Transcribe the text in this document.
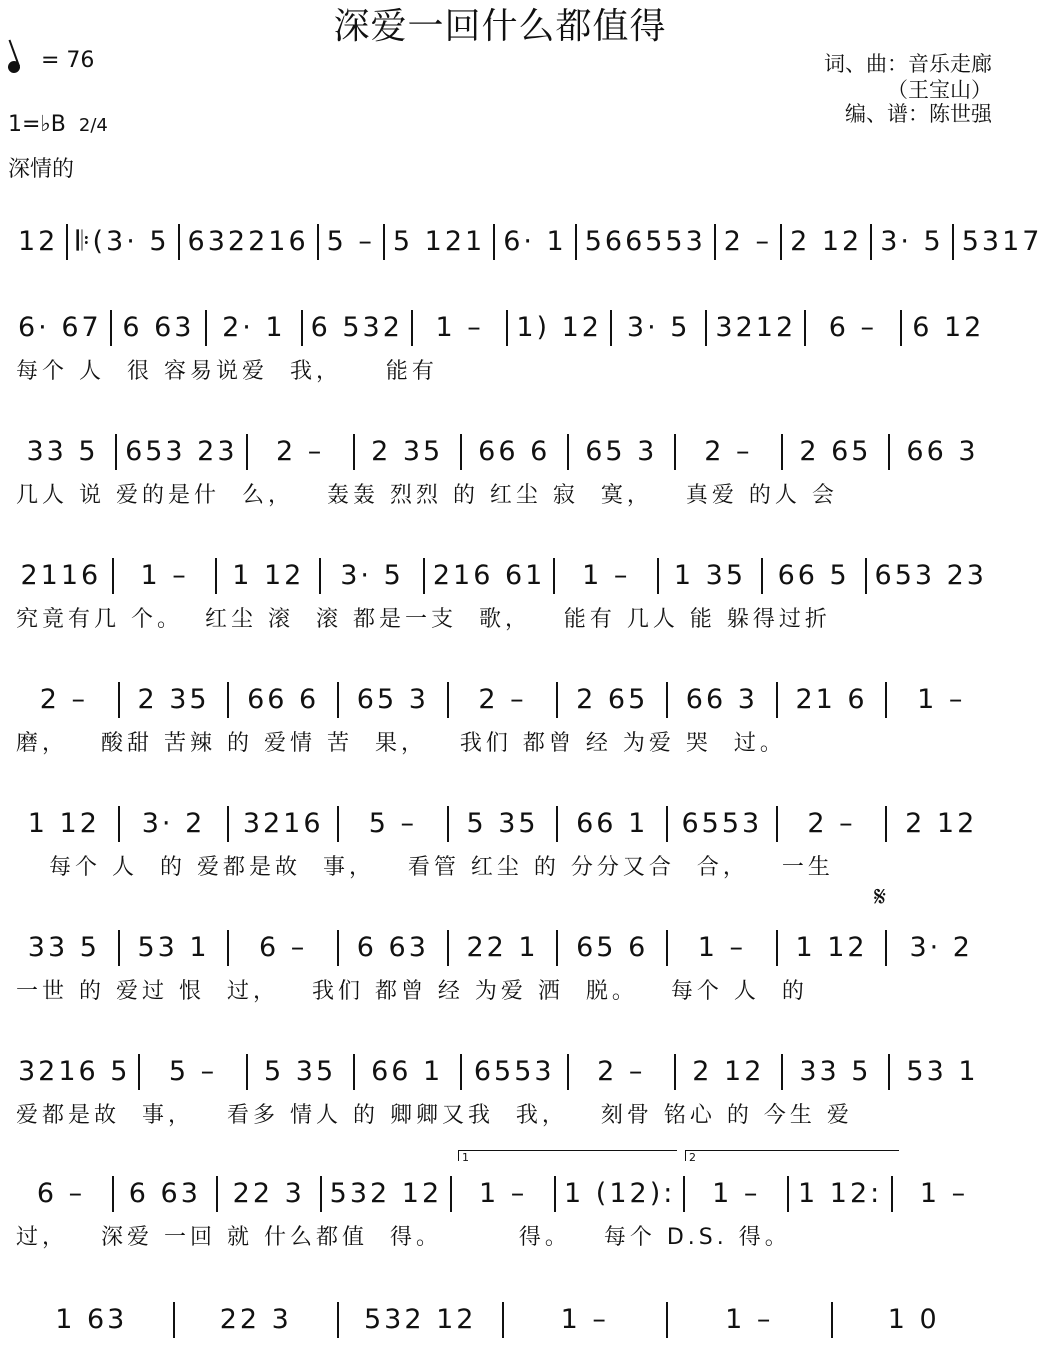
深爱一回什么都值得
= 76
1=♭B 2/4
深情的
词、曲：音乐走廊
（王宝山）
编、谱：陈世强
12 𝄆(3· 5 632216 5 – 5 121 6· 1 566553 2 – 2 12 3· 5 5317
6· 67 6 63	2· 1 6 532	1 –	1) 12 3· 5 3212	6 –	6 12
每个 人  很 容易说爱  我，    能有
33 5 653 23	2 –	2 35	66 6	65 3	2 –	2 65	66 3
几人 说 爱的是什  么，   轰轰 烈烈 的 红尘 寂  寞，   真爱 的人 会
2116	1 –	1 12	3· 5	216 61	1 –	1 35	66 5 653 23
究竟有几 个。  红尘 滚  滚 都是一支  歌，   能有 几人 能 躲得过折
2 –	2 35	66 6	65 3	2 –	2 65	66 3	21 6	1 –
磨，   酸甜 苦辣 的 爱情 苦  果，   我们 都曾 经 为爱 哭  过。
1 12	3· 2	3216	5 –	5 35	66 1	6553	2 –	2 12
每个 人  的 爱都是故  事，   看管 红尘 的 分分又合  合，   一生
33 5	53 1	6 –	6 63	22 1	65 6	1 –	1 12	3· 2
一世 的 爱过 恨  过，   我们 都曾 经 为爱 洒  脱。   每个 人  的
3216 5	5 –	5 35	66 1	6553	2 –	2 12	33 5	53 1
爱都是故  事，   看多 情人 的 卿卿又我  我，   刻骨 铭心 的 今生 爱
6 –	6 63	22 3 532 12	1 –	1 (12):	1 –	1 12:	1 –
过，   深爱 一回 就 什么都值  得。       得。   每个 D.S. 得。
1 63	22 3	532 12	1 –	1 –	1 0
1	2
𝄋
